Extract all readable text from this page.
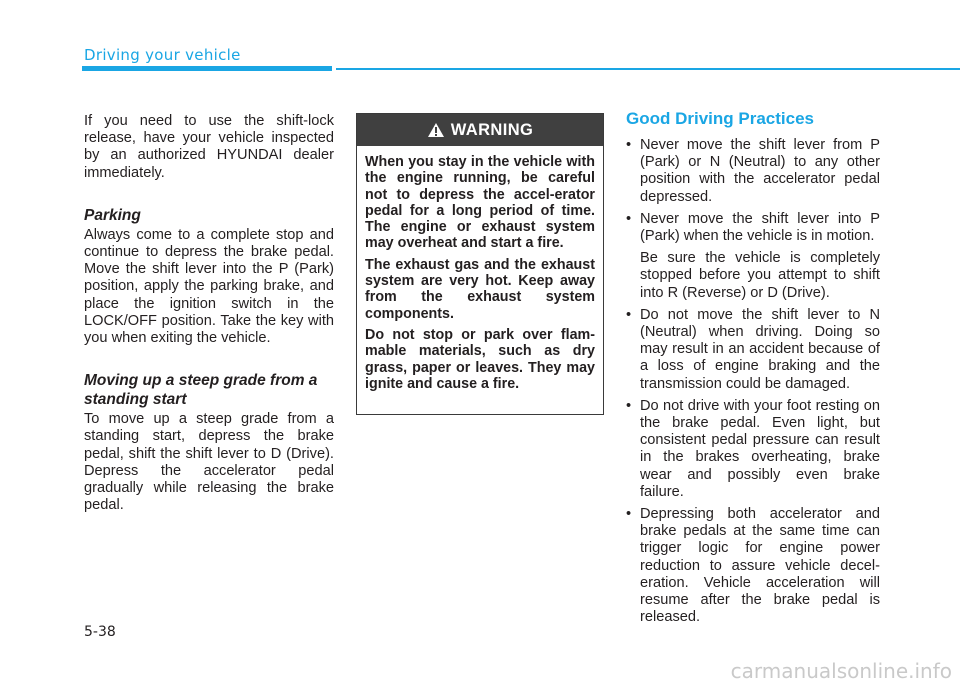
Driving your vehicle

If you need to use the shift-lock release, have your vehicle inspected by an authorized HYUNDAI dealer immediately.

Parking

Always come to a complete stop and continue to depress the brake pedal. Move the shift lever into the P (Park) position, apply the parking brake, and place the ignition switch in the LOCK/OFF position. Take the key with you when exiting the vehicle.

Moving up a steep grade from a standing start

To move up a steep grade from a standing start, depress the brake pedal, shift the shift lever to D (Drive). Depress the accelerator pedal gradually while releasing the brake pedal.

WARNING

When you stay in the vehicle with the engine running, be careful not to depress the accel-erator pedal for a long period of time. The engine or exhaust system may overheat and start a fire.

The exhaust gas and the exhaust system are very hot. Keep away from the exhaust system components.

Do not stop or park over flam-mable materials, such as dry grass, paper or leaves. They may ignite and cause a fire.

Good Driving Practices
• Never move the shift lever from P (Park) or N (Neutral) to any other position with the accelerator pedal depressed.

• Never move the shift lever into P (Park) when the vehicle is in motion.

Be sure the vehicle is completely stopped before you attempt to shift into R (Reverse) or D (Drive).

• Do not move the shift lever to N (Neutral) when driving. Doing so may result in an accident because of a loss of engine braking and the transmission could be damaged.

• Do not drive with your foot resting on the brake pedal. Even light, but consistent pedal pressure can result in the brakes overheating, brake wear and possibly even brake failure.

• Depressing both accelerator and brake pedals at the same time can trigger logic for engine power reduction to assure vehicle decel-eration. Vehicle acceleration will resume after the brake pedal is released.

5-38
carmanualsonline.info
